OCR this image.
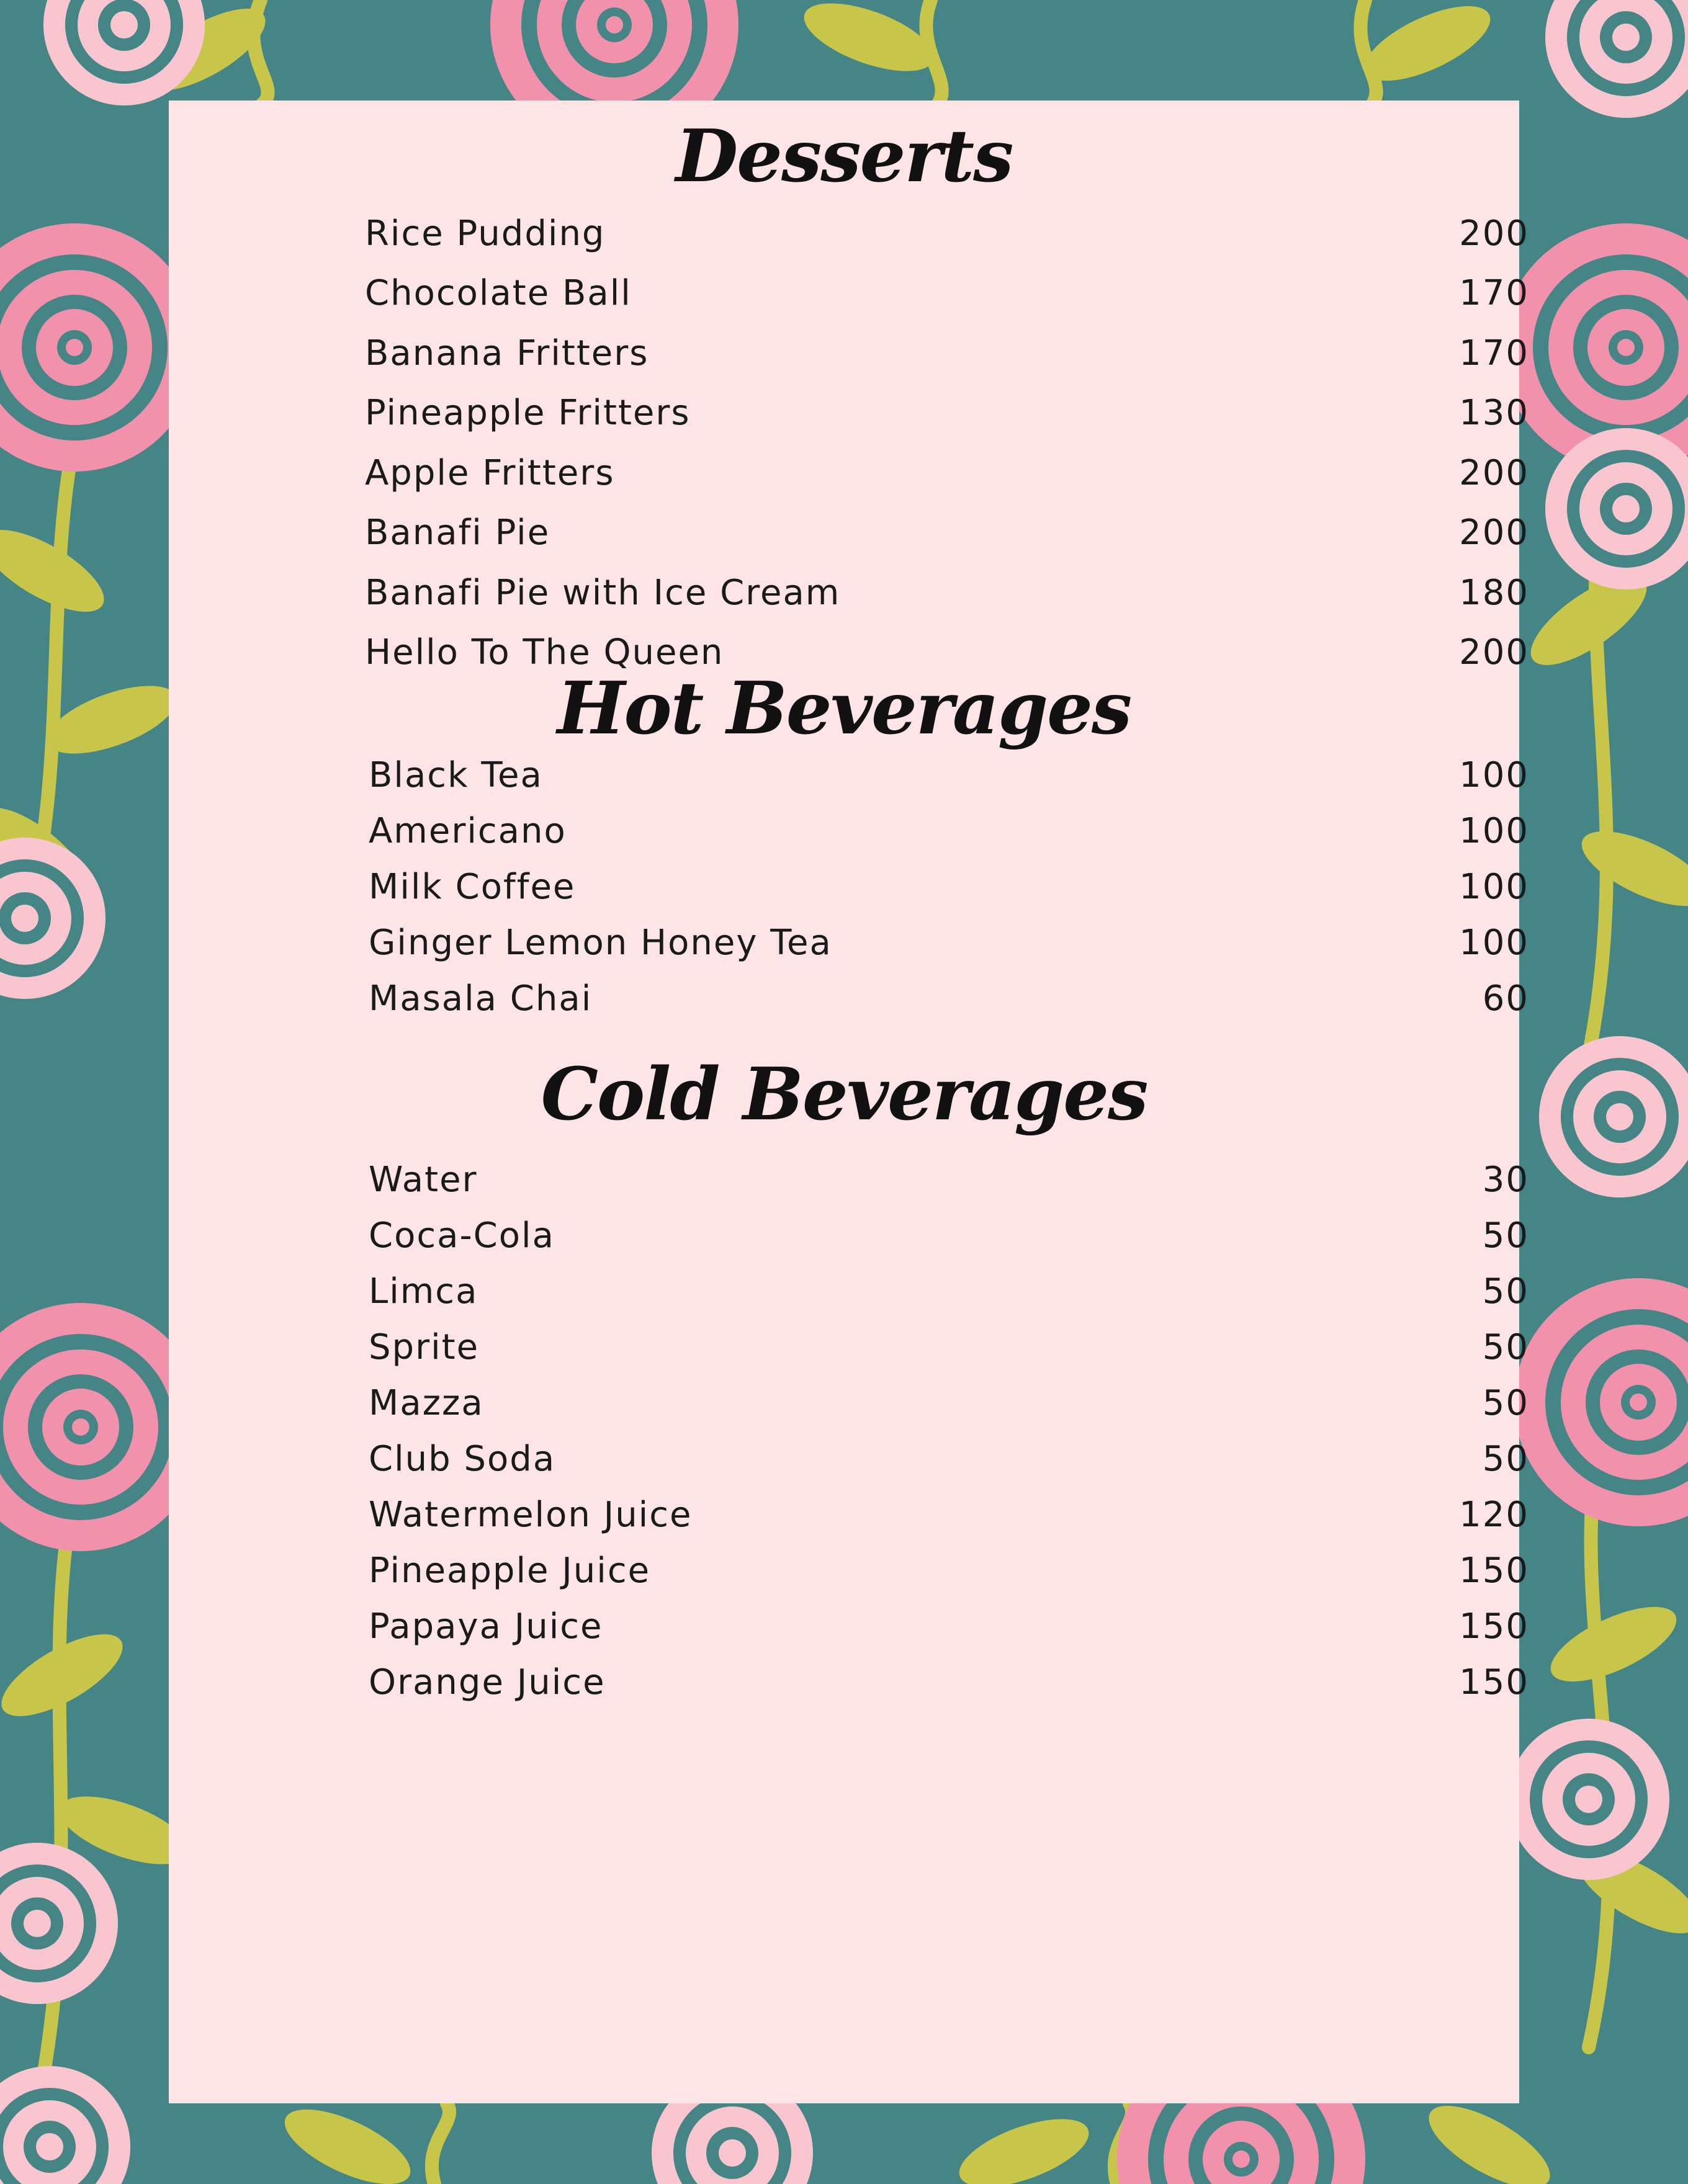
Desserts
Rice Pudding	200
Chocolate Ball	170
Banana Fritters	170
Pineapple Fritters	130
Apple Fritters	200
Banafi Pie	200
Banafi Pie with Ice Cream	180
Hello To The Queen	200
Hot Beverages
Black Tea	100
Americano	100
Milk Coffee	100
Ginger Lemon Honey Tea	100
Masala Chai	60
Cold Beverages
Water	30
Coca-Cola	50
Limca	50
Sprite	50
Mazza	50
Club Soda	50
Watermelon Juice	120
Pineapple Juice	150
Papaya Juice	150
Orange Juice	150
